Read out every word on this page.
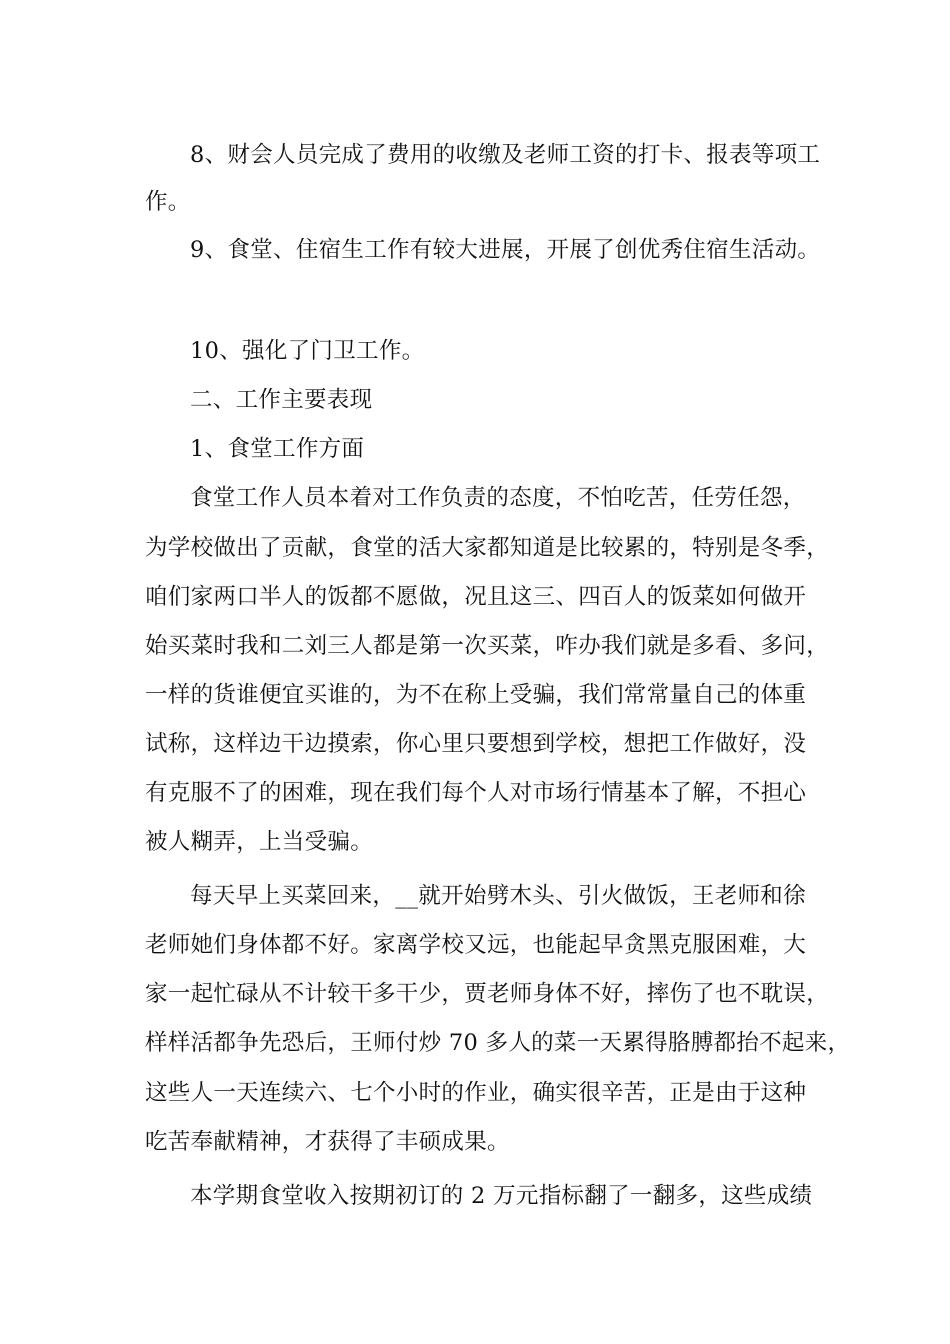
8、财会人员完成了费用的收缴及老师工资的打卡、报表等项工
作。
9、食堂、住宿生工作有较大进展，开展了创优秀住宿生活动。
10、强化了门卫工作。
二、工作主要表现
1、食堂工作方面
食堂工作人员本着对工作负责的态度，不怕吃苦，任劳任怨，
为学校做出了贡献，食堂的活大家都知道是比较累的，特别是冬季，
咱们家两口半人的饭都不愿做，况且这三、四百人的饭菜如何做开
始买菜时我和二刘三人都是第一次买菜，咋办我们就是多看、多问，
一样的货谁便宜买谁的，为不在称上受骗，我们常常量自己的体重
试称，这样边干边摸索，你心里只要想到学校，想把工作做好，没
有克服不了的困难，现在我们每个人对市场行情基本了解，不担心
被人糊弄，上当受骗。
每天早上买菜回来，__就开始劈木头、引火做饭，王老师和徐
老师她们身体都不好。家离学校又远，也能起早贪黑克服困难，大
家一起忙碌从不计较干多干少，贾老师身体不好，摔伤了也不耽误，
样样活都争先恐后，王师付炒 70 多人的菜一天累得胳膊都抬不起来，
这些人一天连续六、七个小时的作业，确实很辛苦，正是由于这种
吃苦奉献精神，才获得了丰硕成果。
本学期食堂收入按期初订的 2 万元指标翻了一翻多，这些成绩
